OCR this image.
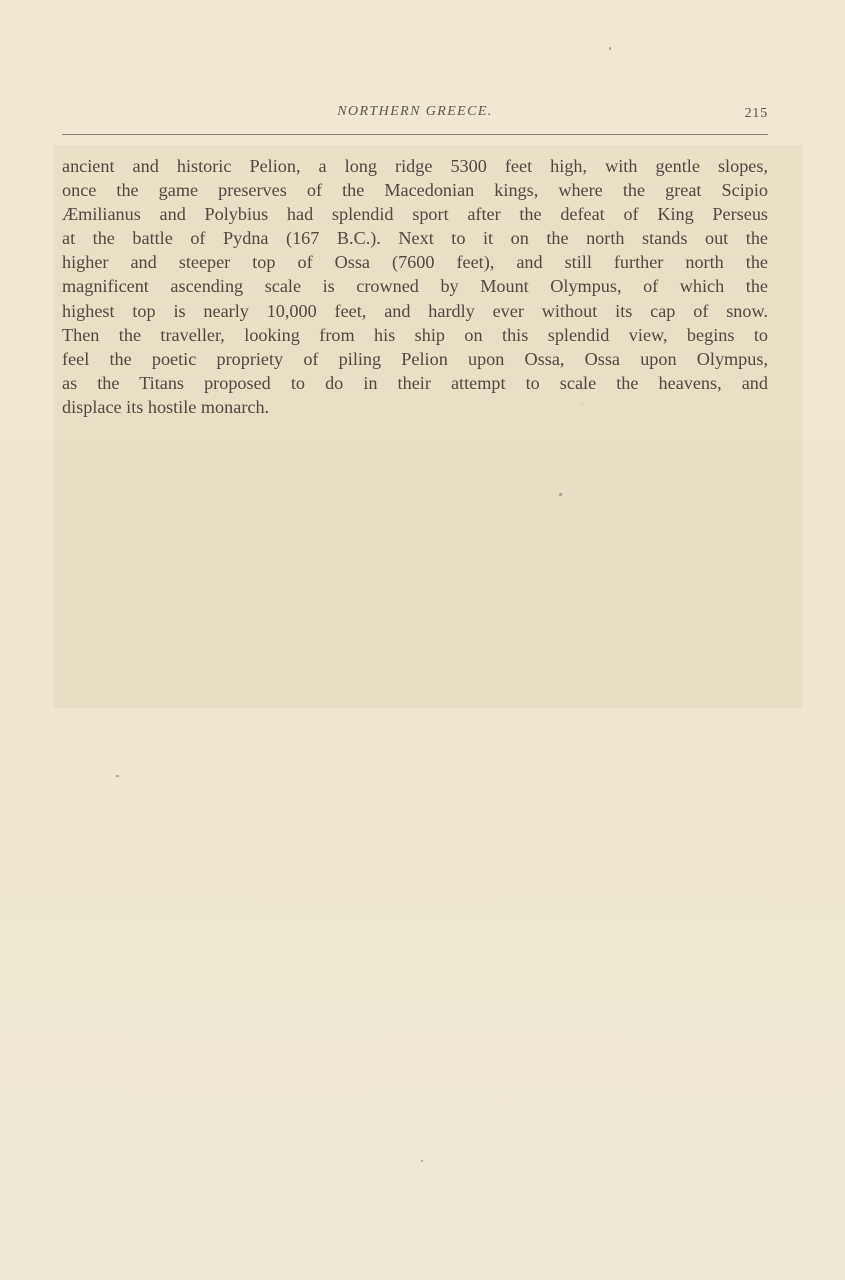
NORTHERN GREECE.	215
ancient and historic Pelion, a long ridge 5300 feet high, with gentle slopes,
once the game preserves of the Macedonian kings, where the great Scipio
Æmilianus and Polybius had splendid sport after the defeat of King Perseus
at the battle of Pydna (167 B.C.). Next to it on the north stands out the
higher and steeper top of Ossa (7600 feet), and still further north the
magnificent ascending scale is crowned by Mount Olympus, of which the
highest top is nearly 10,000 feet, and hardly ever without its cap of snow.
Then the traveller, looking from his ship on this splendid view, begins to
feel the poetic propriety of piling Pelion upon Ossa, Ossa upon Olympus,
as the Titans proposed to do in their attempt to scale the heavens, and
displace its hostile monarch.
